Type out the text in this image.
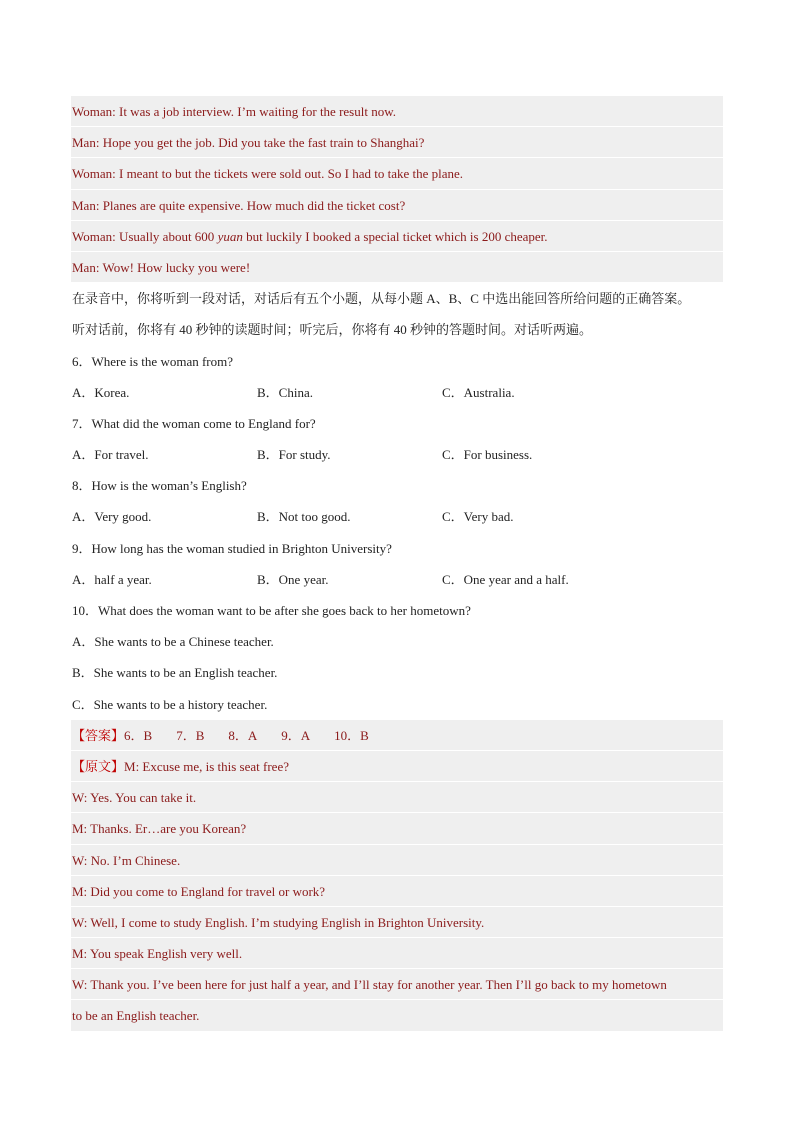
Woman: It was a job interview. I’m waiting for the result now.
Man: Hope you get the job. Did you take the fast train to Shanghai?
Woman: I meant to but the tickets were sold out. So I had to take the plane.
Man: Planes are quite expensive. How much did the ticket cost?
Woman: Usually about 600 yuan but luckily I booked a special ticket which is 200 cheaper.
Man: Wow! How lucky you were!
在录音中，你将听到一段对话，对话后有五个小题，从每小题 A、B、C 中选出能回答所给问题的正确答案。
听对话前，你将有 40 秒钟的读题时间；听完后，你将有 40 秒钟的答题时间。对话听两遍。
6．Where is the woman from?
A．Korea.	B．China.	C．Australia.
7．What did the woman come to England for?
A．For travel.	B．For study.	C．For business.
8．How is the woman’s English?
A．Very good.	B．Not too good.	C．Very bad.
9．How long has the woman studied in Brighton University?
A．half a year.	B．One year.	C．One year and a half.
10．What does the woman want to be after she goes back to her hometown?
A．She wants to be a Chinese teacher.
B．She wants to be an English teacher.
C．She wants to be a history teacher.
【答案】6．B 7．B 8．A 9．A 10．B
【原文】M: Excuse me, is this seat free?
W: Yes. You can take it.
M: Thanks. Er…are you Korean?
W: No. I’m Chinese.
M: Did you come to England for travel or work?
W: Well, I come to study English. I’m studying English in Brighton University.
M: You speak English very well.
W: Thank you. I’ve been here for just half a year, and I’ll stay for another year. Then I’ll go back to my hometown
to be an English teacher.
